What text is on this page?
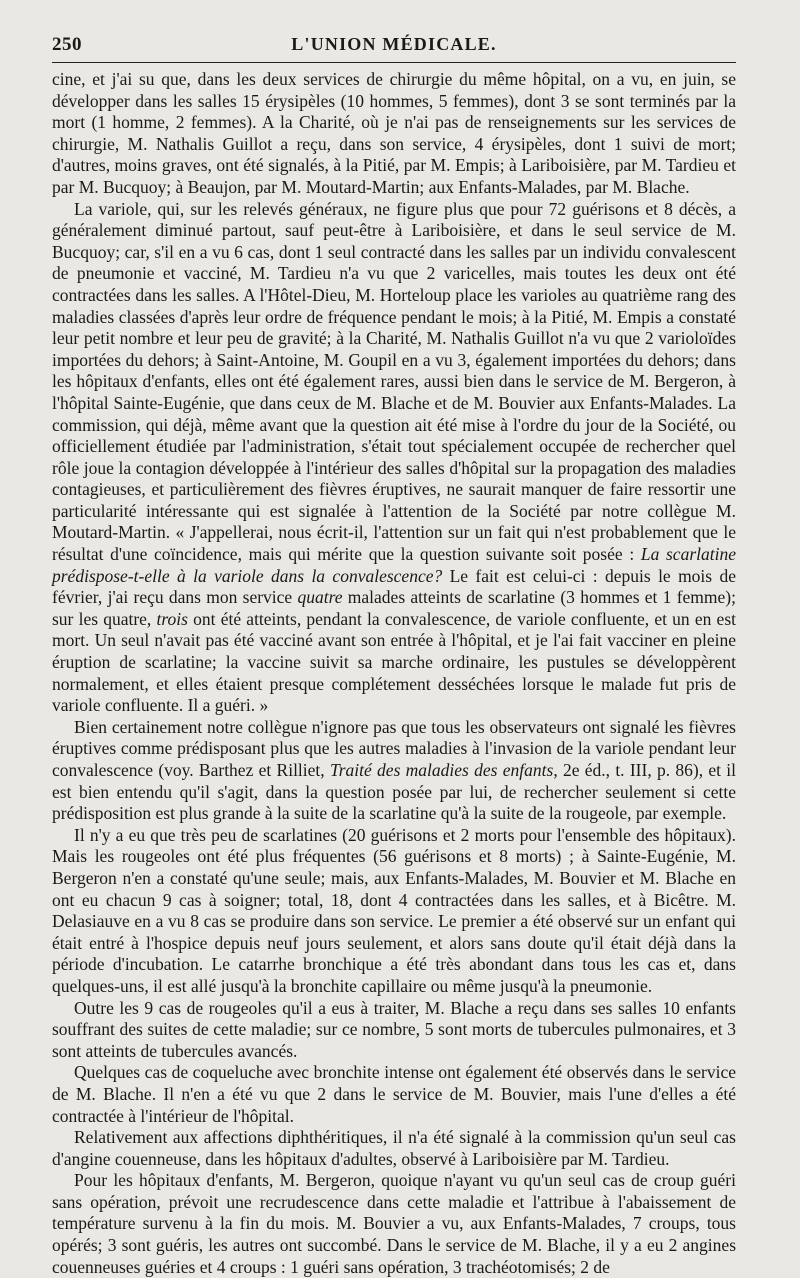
250	L'UNION MÉDICALE.

cine, et j'ai su que, dans les deux services de chirurgie du même hôpital, on a vu, en juin, se développer dans les salles 15 érysipèles (10 hommes, 5 femmes), dont 3 se sont terminés par la mort (1 homme, 2 femmes). A la Charité, où je n'ai pas de renseignements sur les services de chirurgie, M. Nathalis Guillot a reçu, dans son service, 4 érysipèles, dont 1 suivi de mort; d'autres, moins graves, ont été signalés, à la Pitié, par M. Empis; à Lariboisière, par M. Tardieu et par M. Bucquoy; à Beaujon, par M. Moutard-Martin; aux Enfants-Malades, par M. Blache.

La variole, qui, sur les relevés généraux, ne figure plus que pour 72 guérisons et 8 décès, a généralement diminué partout, sauf peut-être à Lariboisière, et dans le seul service de M. Bucquoy; car, s'il en a vu 6 cas, dont 1 seul contracté dans les salles par un individu convalescent de pneumonie et vacciné, M. Tardieu n'a vu que 2 varicelles, mais toutes les deux ont été contractées dans les salles. A l'Hôtel-Dieu, M. Horteloup place les varioles au quatrième rang des maladies classées d'après leur ordre de fréquence pendant le mois; à la Pitié, M. Empis a constaté leur petit nombre et leur peu de gravité; à la Charité, M. Nathalis Guillot n'a vu que 2 varioloïdes importées du dehors; à Saint-Antoine, M. Goupil en a vu 3, également importées du dehors; dans les hôpitaux d'enfants, elles ont été également rares, aussi bien dans le service de M. Bergeron, à l'hôpital Sainte-Eugénie, que dans ceux de M. Blache et de M. Bouvier aux Enfants-Malades. La commission, qui déjà, même avant que la question ait été mise à l'ordre du jour de la Société, ou officiellement étudiée par l'administration, s'était tout spécialement occupée de rechercher quel rôle joue la contagion développée à l'intérieur des salles d'hôpital sur la propagation des maladies contagieuses, et particulièrement des fièvres éruptives, ne saurait manquer de faire ressortir une particularité intéressante qui est signalée à l'attention de la Société par notre collègue M. Moutard-Martin. « J'appellerai, nous écrit-il, l'attention sur un fait qui n'est probablement que le résultat d'une coïncidence, mais qui mérite que la question suivante soit posée : La scarlatine prédispose-t-elle à la variole dans la convalescence? Le fait est celui-ci : depuis le mois de février, j'ai reçu dans mon service quatre malades atteints de scarlatine (3 hommes et 1 femme); sur les quatre, trois ont été atteints, pendant la convalescence, de variole confluente, et un en est mort. Un seul n'avait pas été vacciné avant son entrée à l'hôpital, et je l'ai fait vacciner en pleine éruption de scarlatine; la vaccine suivit sa marche ordinaire, les pustules se développèrent normalement, et elles étaient presque complétement desséchées lorsque le malade fut pris de variole confluente. Il a guéri. »

Bien certainement notre collègue n'ignore pas que tous les observateurs ont signalé les fièvres éruptives comme prédisposant plus que les autres maladies à l'invasion de la variole pendant leur convalescence (voy. Barthez et Rilliet, Traité des maladies des enfants, 2e éd., t. III, p. 86), et il est bien entendu qu'il s'agit, dans la question posée par lui, de rechercher seulement si cette prédisposition est plus grande à la suite de la scarlatine qu'à la suite de la rougeole, par exemple.

Il n'y a eu que très peu de scarlatines (20 guérisons et 2 morts pour l'ensemble des hôpitaux). Mais les rougeoles ont été plus fréquentes (56 guérisons et 8 morts) ; à Sainte-Eugénie, M. Bergeron n'en a constaté qu'une seule; mais, aux Enfants-Malades, M. Bouvier et M. Blache en ont eu chacun 9 cas à soigner; total, 18, dont 4 contractées dans les salles, et à Bicêtre. M. Delasiauve en a vu 8 cas se produire dans son service. Le premier a été observé sur un enfant qui était entré à l'hospice depuis neuf jours seulement, et alors sans doute qu'il était déjà dans la période d'incubation. Le catarrhe bronchique a été très abondant dans tous les cas et, dans quelques-uns, il est allé jusqu'à la bronchite capillaire ou même jusqu'à la pneumonie.

Outre les 9 cas de rougeoles qu'il a eus à traiter, M. Blache a reçu dans ses salles 10 enfants souffrant des suites de cette maladie; sur ce nombre, 5 sont morts de tubercules pulmonaires, et 3 sont atteints de tubercules avancés.

Quelques cas de coqueluche avec bronchite intense ont également été observés dans le service de M. Blache. Il n'en a été vu que 2 dans le service de M. Bouvier, mais l'une d'elles a été contractée à l'intérieur de l'hôpital.

Relativement aux affections diphthéritiques, il n'a été signalé à la commission qu'un seul cas d'angine couenneuse, dans les hôpitaux d'adultes, observé à Lariboisière par M. Tardieu.

Pour les hôpitaux d'enfants, M. Bergeron, quoique n'ayant vu qu'un seul cas de croup guéri sans opération, prévoit une recrudescence dans cette maladie et l'attribue à l'abaissement de température survenu à la fin du mois. M. Bouvier a vu, aux Enfants-Malades, 7 croups, tous opérés; 3 sont guéris, les autres ont succombé. Dans le service de M. Blache, il y a eu 2 angines couenneuses guéries et 4 croups : 1 guéri sans opération, 3 trachéotomisés; 2 de
